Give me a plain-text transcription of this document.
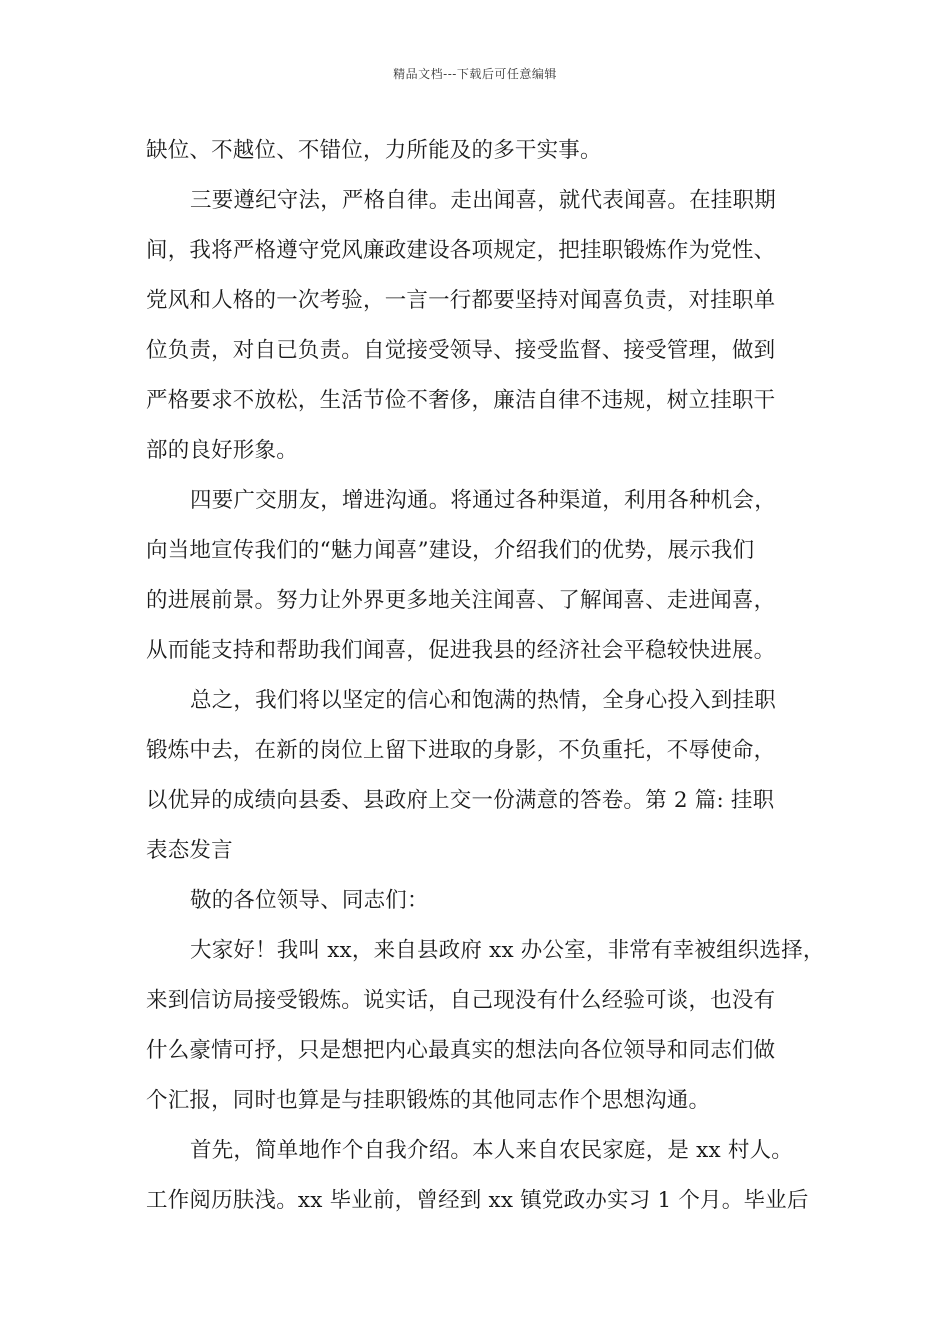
精品文档---下载后可任意编辑
缺位、不越位、不错位，力所能及的多干实事。
三要遵纪守法，严格自律。走出闻喜，就代表闻喜。在挂职期
间，我将严格遵守党风廉政建设各项规定，把挂职锻炼作为党性、
党风和人格的一次考验，一言一行都要坚持对闻喜负责，对挂职单
位负责，对自已负责。自觉接受领导、接受监督、接受管理，做到
严格要求不放松，生活节俭不奢侈，廉洁自律不违规，树立挂职干
部的良好形象。
四要广交朋友，增进沟通。将通过各种渠道，利用各种机会，
向当地宣传我们的“魅力闻喜”建设，介绍我们的优势，展示我们
的进展前景。努力让外界更多地关注闻喜、了解闻喜、走进闻喜，
从而能支持和帮助我们闻喜，促进我县的经济社会平稳较快进展。
总之，我们将以坚定的信心和饱满的热情，全身心投入到挂职
锻炼中去，在新的岗位上留下进取的身影，不负重托，不辱使命，
以优异的成绩向县委、县政府上交一份满意的答卷。第 2 篇: 挂职
表态发言
敬的各位领导、同志们：
大家好！我叫 xx，来自县政府 xx 办公室，非常有幸被组织选择，
来到信访局接受锻炼。说实话，自己现没有什么经验可谈，也没有
什么豪情可抒，只是想把内心最真实的想法向各位领导和同志们做
个汇报，同时也算是与挂职锻炼的其他同志作个思想沟通。
首先，简单地作个自我介绍。本人来自农民家庭，是 xx 村人。
工作阅历肤浅。xx 毕业前，曾经到 xx 镇党政办实习 1 个月。毕业后
